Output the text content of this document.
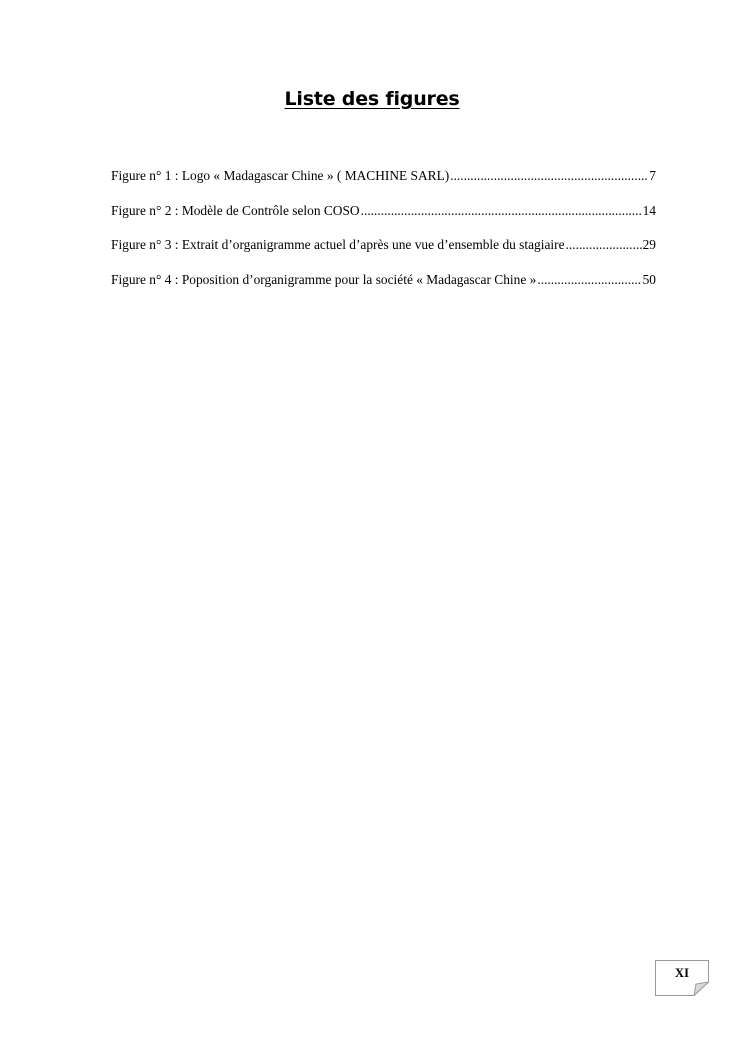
Liste des figures
Figure n° 1 : Logo « Madagascar Chine » ( MACHINE SARL) .....	7
Figure n° 2 : Modèle de Contrôle selon COSO .....	14
Figure n° 3 : Extrait d’organigramme actuel d’après une vue d’ensemble du stagiaire .....	29
Figure n° 4 : Poposition d’organigramme pour la société « Madagascar Chine » .....	50
XI
